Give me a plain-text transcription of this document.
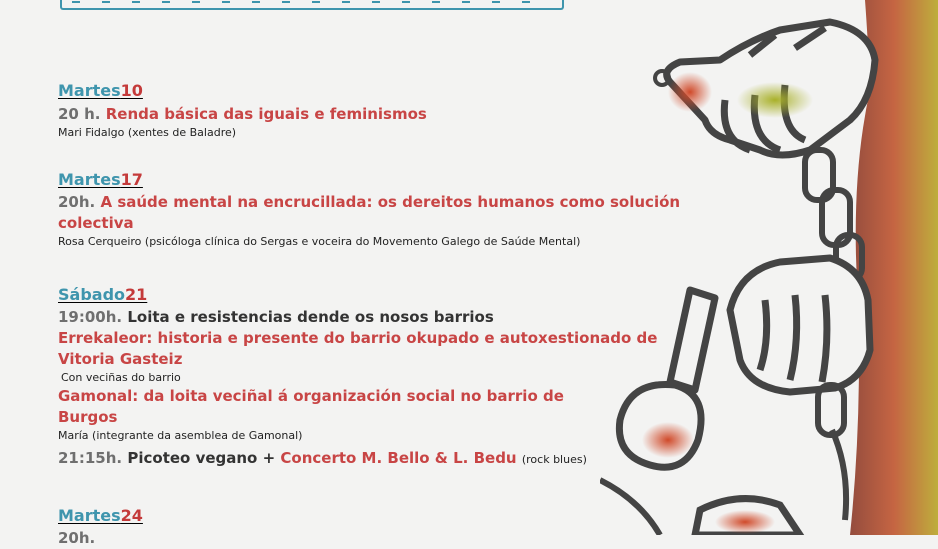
Martes10
20 h. Renda básica das iguais e feminismos
Mari Fidalgo (xentes de Baladre)
Martes17
20h. A saúde mental na encrucillada: os dereitos humanos como solución
colectiva
Rosa Cerqueiro (psicóloga clínica do Sergas e voceira do Movemento Galego de Saúde Mental)
Sábado21
19:00h. Loita e resistencias dende os nosos barrios
Errekaleor: historia e presente do barrio okupado e autoxestionado de
Vitoria Gasteiz
Con veciñas do barrio
Gamonal: da loita veciñal á organización social no barrio de
Burgos
María (integrante da asemblea de Gamonal)
21:15h. Picoteo vegano + Concerto M. Bello & L. Bedu (rock blues)
Martes24
20h.
